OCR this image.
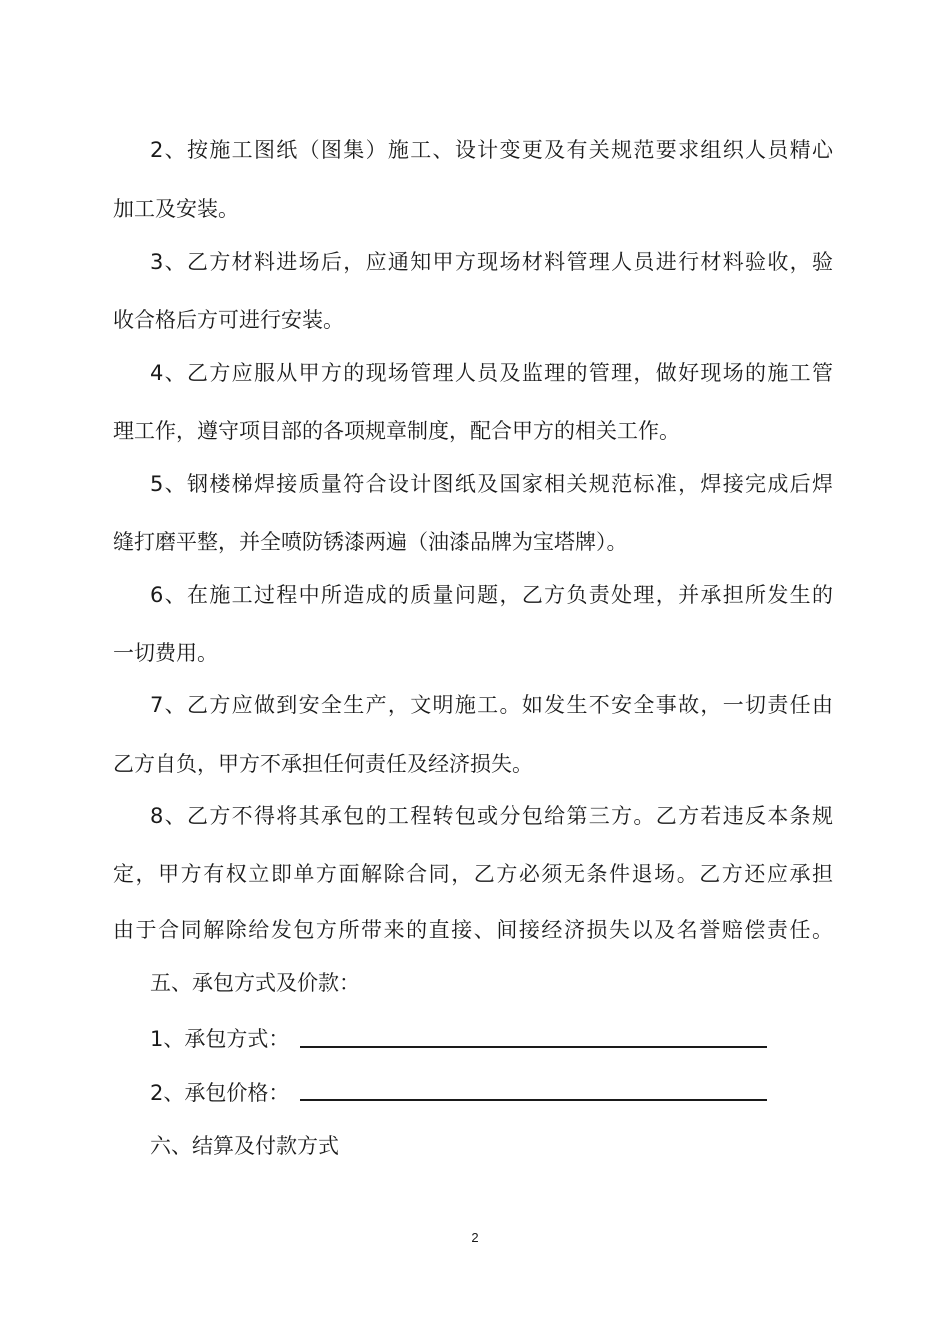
2、按施工图纸（图集）施工、设计变更及有关规范要求组织人员精心
加工及安装。
3、乙方材料进场后，应通知甲方现场材料管理人员进行材料验收，验
收合格后方可进行安装。
4、乙方应服从甲方的现场管理人员及监理的管理，做好现场的施工管
理工作，遵守项目部的各项规章制度，配合甲方的相关工作。
5、钢楼梯焊接质量符合设计图纸及国家相关规范标准，焊接完成后焊
缝打磨平整，并全喷防锈漆两遍（油漆品牌为宝塔牌）。
6、在施工过程中所造成的质量问题，乙方负责处理，并承担所发生的
一切费用。
7、乙方应做到安全生产，文明施工。如发生不安全事故，一切责任由
乙方自负，甲方不承担任何责任及经济损失。
8、乙方不得将其承包的工程转包或分包给第三方。乙方若违反本条规
定，甲方有权立即单方面解除合同，乙方必须无条件退场。乙方还应承担
由于合同解除给发包方所带来的直接、间接经济损失以及名誉赔偿责任。
五、承包方式及价款：
1、承包方式：
2、承包价格：
六、结算及付款方式
2
